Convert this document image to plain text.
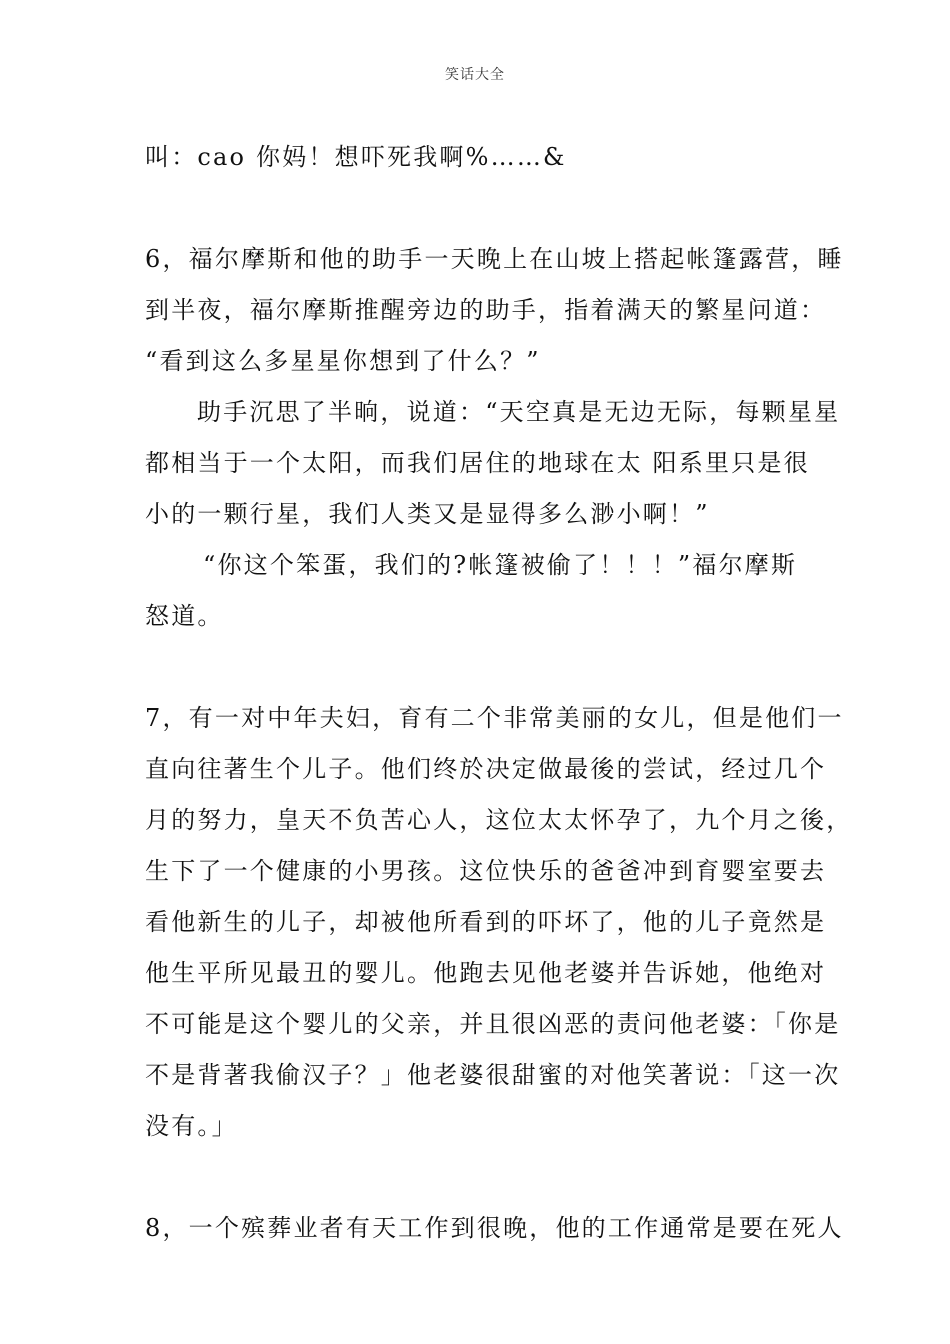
笑话大全
叫：cao 你妈！想吓死我啊%……&
6，福尔摩斯和他的助手一天晚上在山坡上搭起帐篷露营，睡
到半夜，福尔摩斯推醒旁边的助手，指着满天的繁星问道：
“看到这么多星星你想到了什么？”
助手沉思了半晌，说道：“天空真是无边无际，每颗星星
都相当于一个太阳，而我们居住的地球在太 阳系里只是很
小的一颗行星，我们人类又是显得多么渺小啊！”
“你这个笨蛋，我们的?帐篷被偷了！！！”福尔摩斯
怒道。
7，有一对中年夫妇，育有二个非常美丽的女儿，但是他们一
直向往著生个儿子。他们终於决定做最後的尝试，经过几个
月的努力，皇天不负苦心人，这位太太怀孕了，九个月之後，
生下了一个健康的小男孩。这位快乐的爸爸冲到育婴室要去
看他新生的儿子，却被他所看到的吓坏了，他的儿子竟然是
他生平所见最丑的婴儿。他跑去见他老婆并告诉她，他绝对
不可能是这个婴儿的父亲，并且很凶恶的责问他老婆：「你是
不是背著我偷汉子？」他老婆很甜蜜的对他笑著说：「这一次
没有。」
8，一个殡葬业者有天工作到很晚，他的工作通常是要在死人
